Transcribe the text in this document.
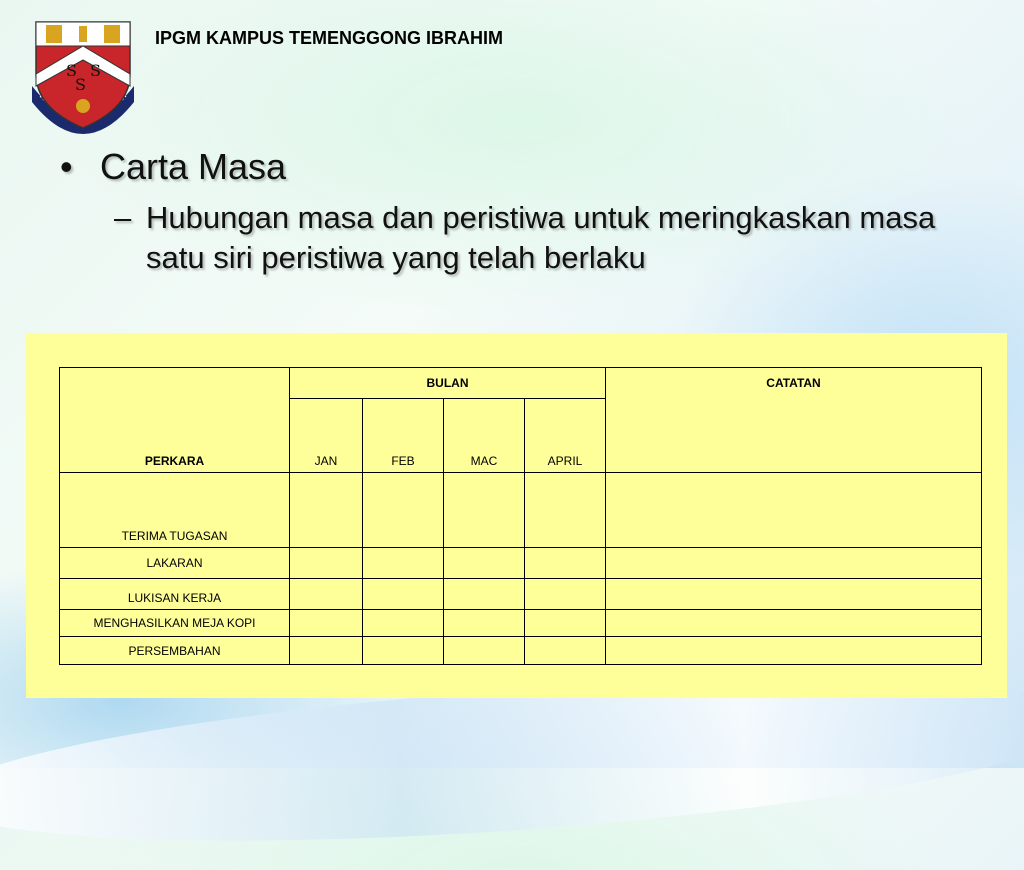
S S
S
IPGM KAMPUS TEMENGGONG IBRAHIM
• Carta Masa
– Hubungan masa dan peristiwa untuk meringkaskan masa satu siri peristiwa yang telah berlaku
PERKARA	BULAN				CATATAN
	JAN	FEB	MAC	APRIL	
TERIMA TUGASAN					
LAKARAN					
LUKISAN KERJA					
MENGHASILKAN MEJA KOPI					
PERSEMBAHAN					
